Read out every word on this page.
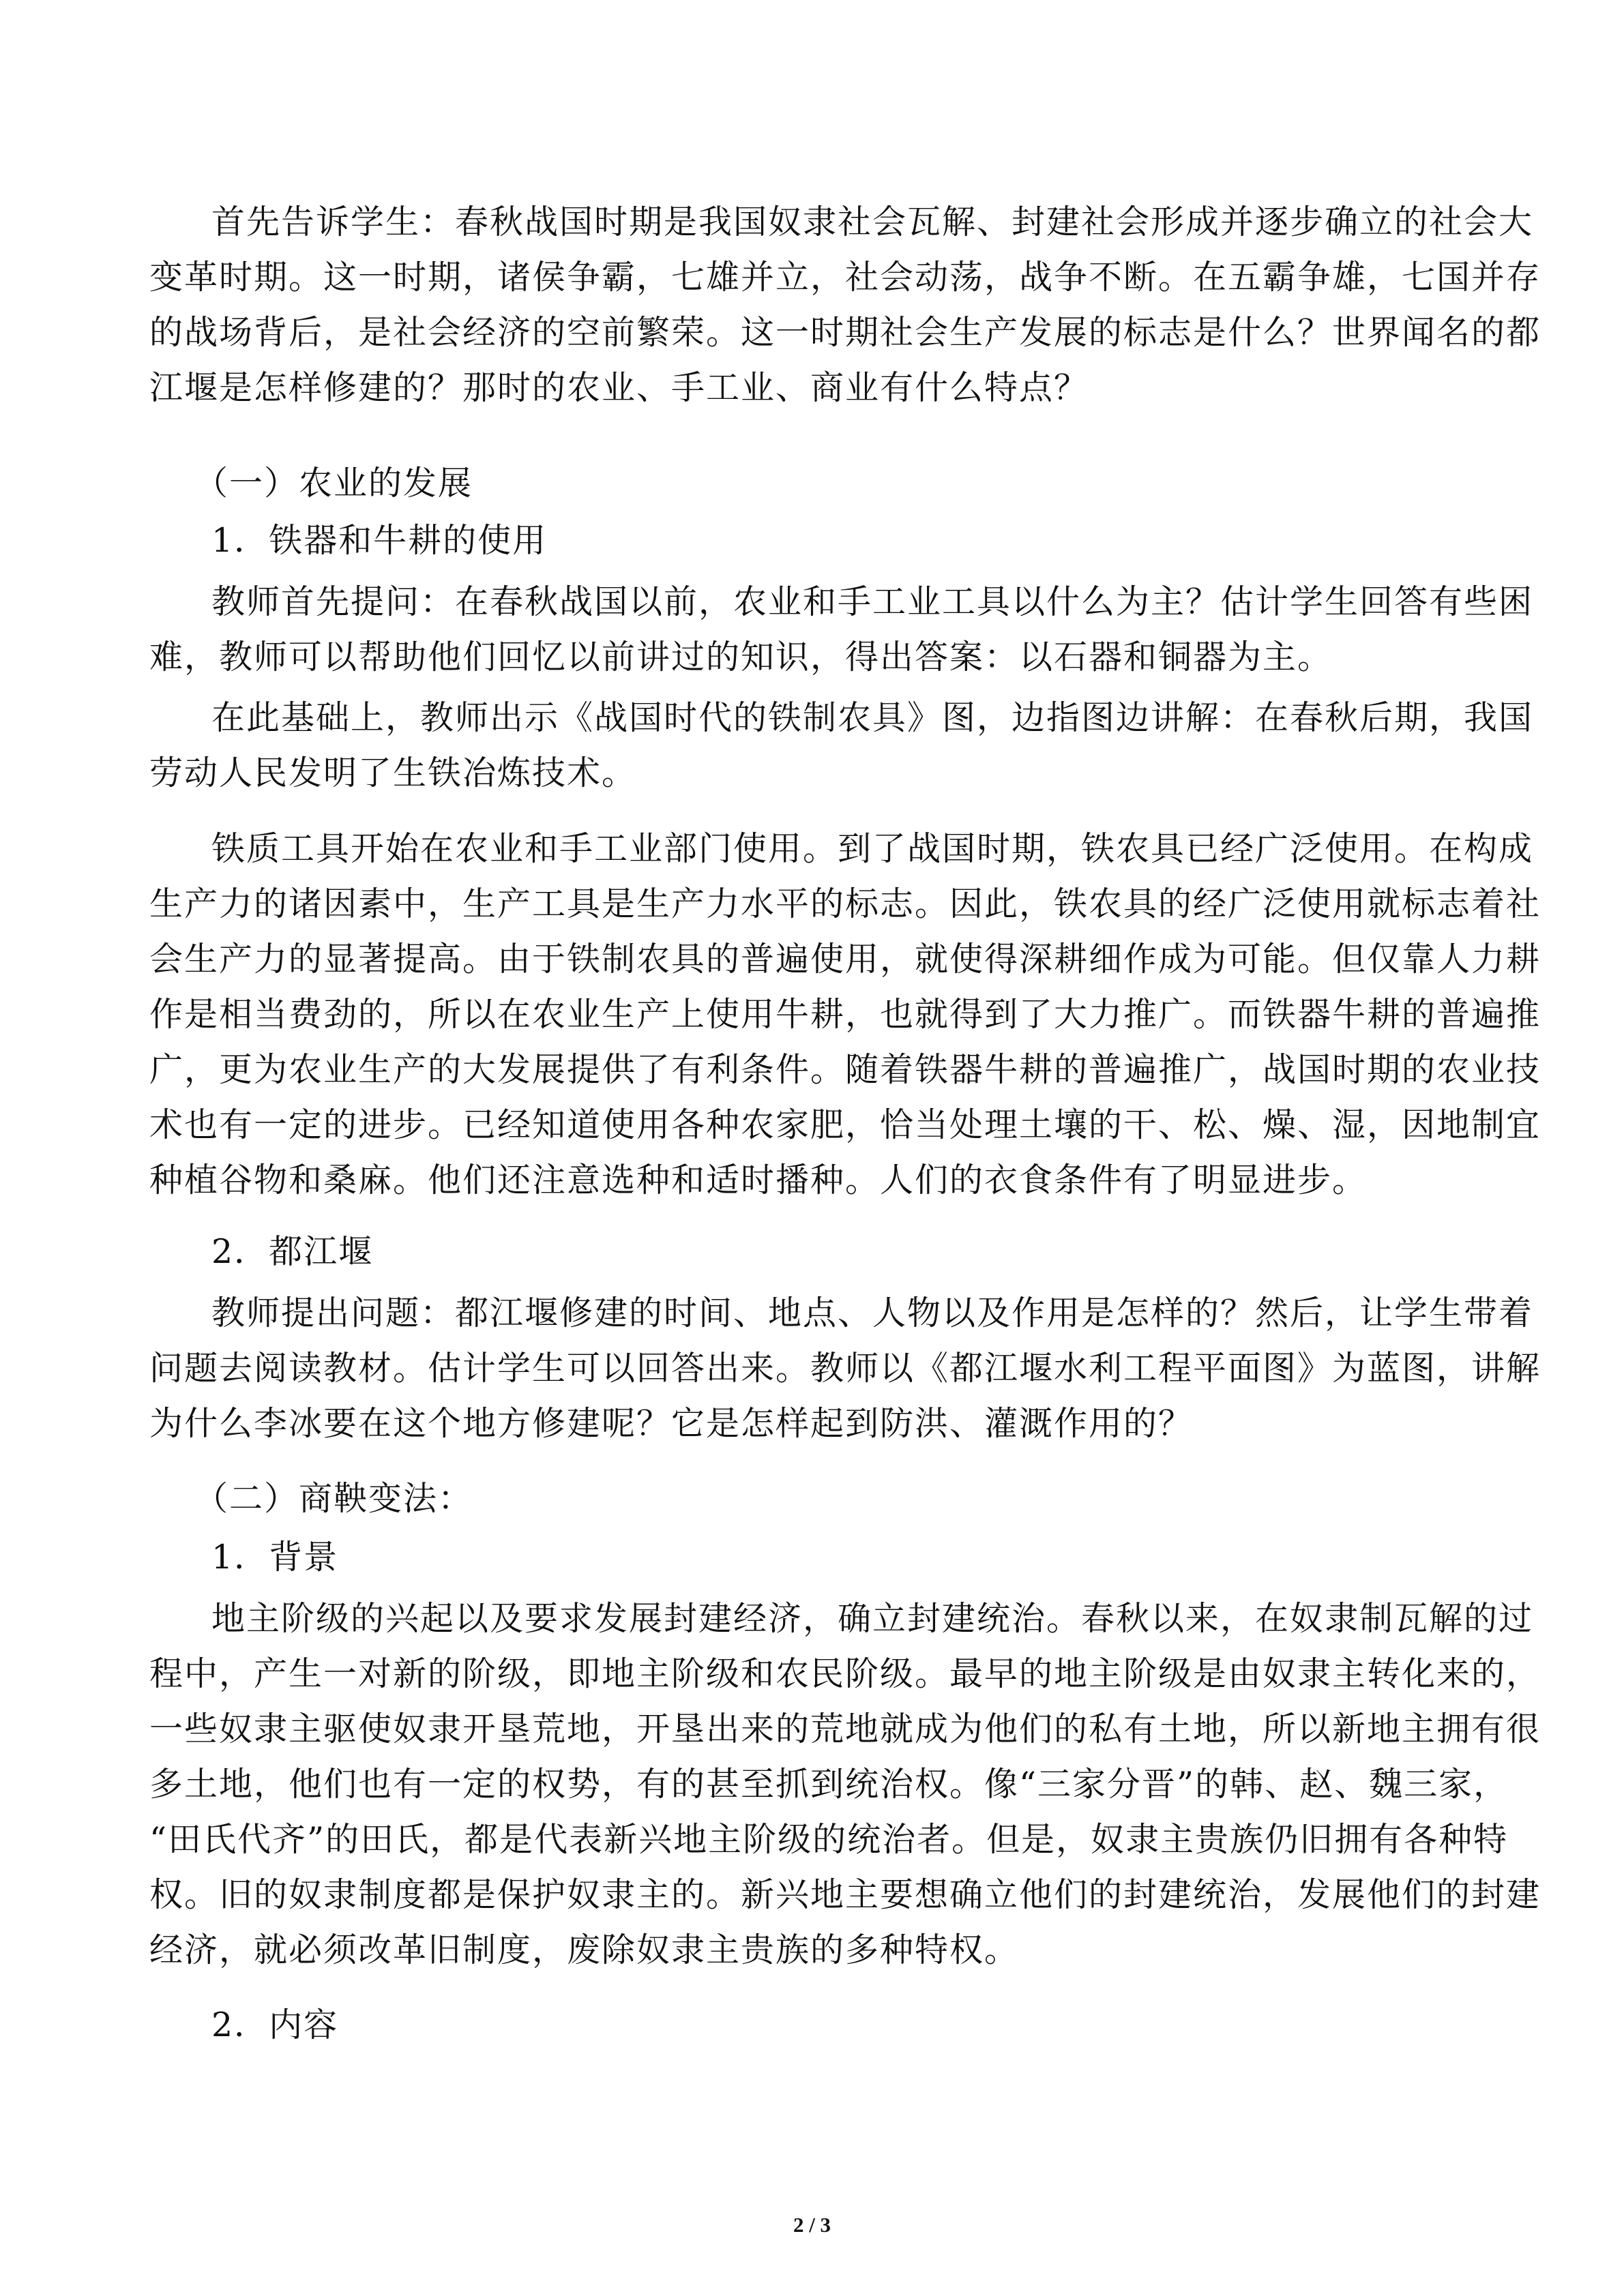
首先告诉学生：春秋战国时期是我国奴隶社会瓦解、封建社会形成并逐步确立的社会大
变革时期。这一时期，诸侯争霸，七雄并立，社会动荡，战争不断。在五霸争雄，七国并存
的战场背后，是社会经济的空前繁荣。这一时期社会生产发展的标志是什么？世界闻名的都
江堰是怎样修建的？那时的农业、手工业、商业有什么特点？
（一）农业的发展
1．铁器和牛耕的使用
教师首先提问：在春秋战国以前，农业和手工业工具以什么为主？估计学生回答有些困
难，教师可以帮助他们回忆以前讲过的知识，得出答案：以石器和铜器为主。
在此基础上，教师出示《战国时代的铁制农具》图，边指图边讲解：在春秋后期，我国
劳动人民发明了生铁冶炼技术。
铁质工具开始在农业和手工业部门使用。到了战国时期，铁农具已经广泛使用。在构成
生产力的诸因素中，生产工具是生产力水平的标志。因此，铁农具的经广泛使用就标志着社
会生产力的显著提高。由于铁制农具的普遍使用，就使得深耕细作成为可能。但仅靠人力耕
作是相当费劲的，所以在农业生产上使用牛耕，也就得到了大力推广。而铁器牛耕的普遍推
广，更为农业生产的大发展提供了有利条件。随着铁器牛耕的普遍推广，战国时期的农业技
术也有一定的进步。已经知道使用各种农家肥，恰当处理土壤的干、松、燥、湿，因地制宜
种植谷物和桑麻。他们还注意选种和适时播种。人们的衣食条件有了明显进步。
2．都江堰
教师提出问题：都江堰修建的时间、地点、人物以及作用是怎样的？然后，让学生带着
问题去阅读教材。估计学生可以回答出来。教师以《都江堰水利工程平面图》为蓝图，讲解
为什么李冰要在这个地方修建呢？它是怎样起到防洪、灌溉作用的？
（二）商鞅变法：
1．背景
地主阶级的兴起以及要求发展封建经济，确立封建统治。春秋以来，在奴隶制瓦解的过
程中，产生一对新的阶级，即地主阶级和农民阶级。最早的地主阶级是由奴隶主转化来的，
一些奴隶主驱使奴隶开垦荒地，开垦出来的荒地就成为他们的私有土地，所以新地主拥有很
多土地，他们也有一定的权势，有的甚至抓到统治权。像“三家分晋”的韩、赵、魏三家，
“田氏代齐”的田氏，都是代表新兴地主阶级的统治者。但是，奴隶主贵族仍旧拥有各种特
权。旧的奴隶制度都是保护奴隶主的。新兴地主要想确立他们的封建统治，发展他们的封建
经济，就必须改革旧制度，废除奴隶主贵族的多种特权。
2．内容
2 / 3
